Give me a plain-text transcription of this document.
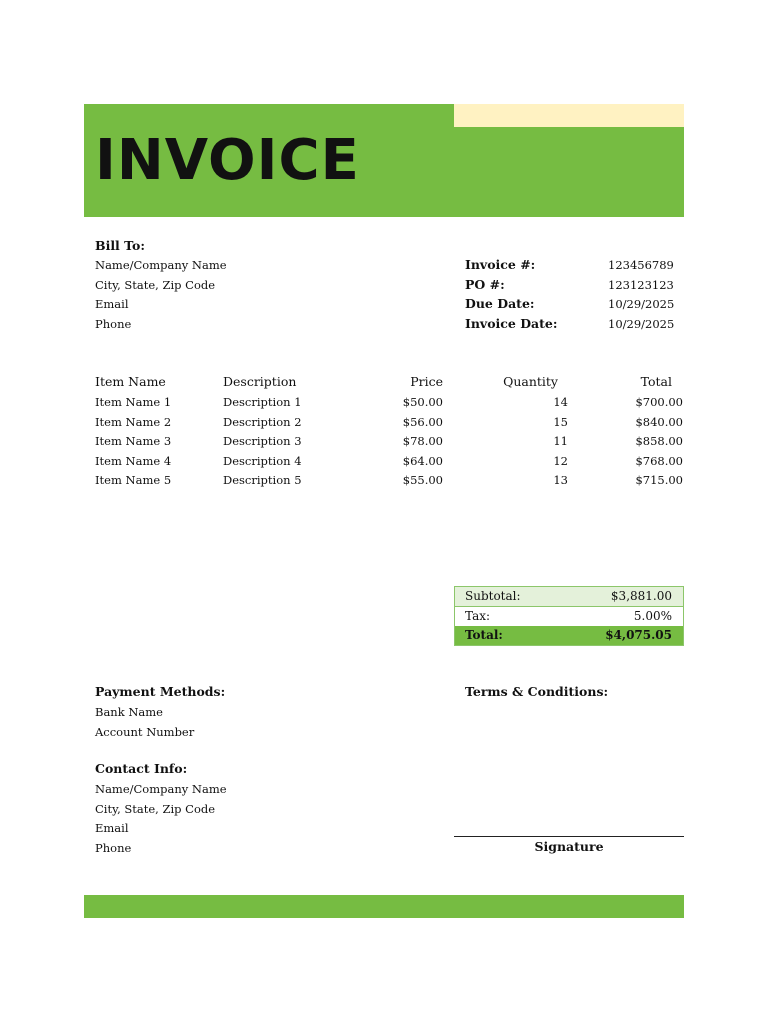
INVOICE
Bill To:
Name/Company Name
City, State, Zip Code
Email
Phone
Invoice #:	123456789
PO #:	123123123
Due Date:	10/29/2025
Invoice Date:	10/29/2025
Item Name	Description	Price	Quantity	Total
Item Name 1	Description 1	$50.00	14	$700.00
Item Name 2	Description 2	$56.00	15	$840.00
Item Name 3	Description 3	$78.00	11	$858.00
Item Name 4	Description 4	$64.00	12	$768.00
Item Name 5	Description 5	$55.00	13	$715.00
Subtotal:	$3,881.00
Tax:	5.00%
Total:	$4,075.05
Payment Methods:
Bank Name
Account Number
Terms & Conditions:
Contact Info:
Name/Company Name
City, State, Zip Code
Email
Phone	Signature
